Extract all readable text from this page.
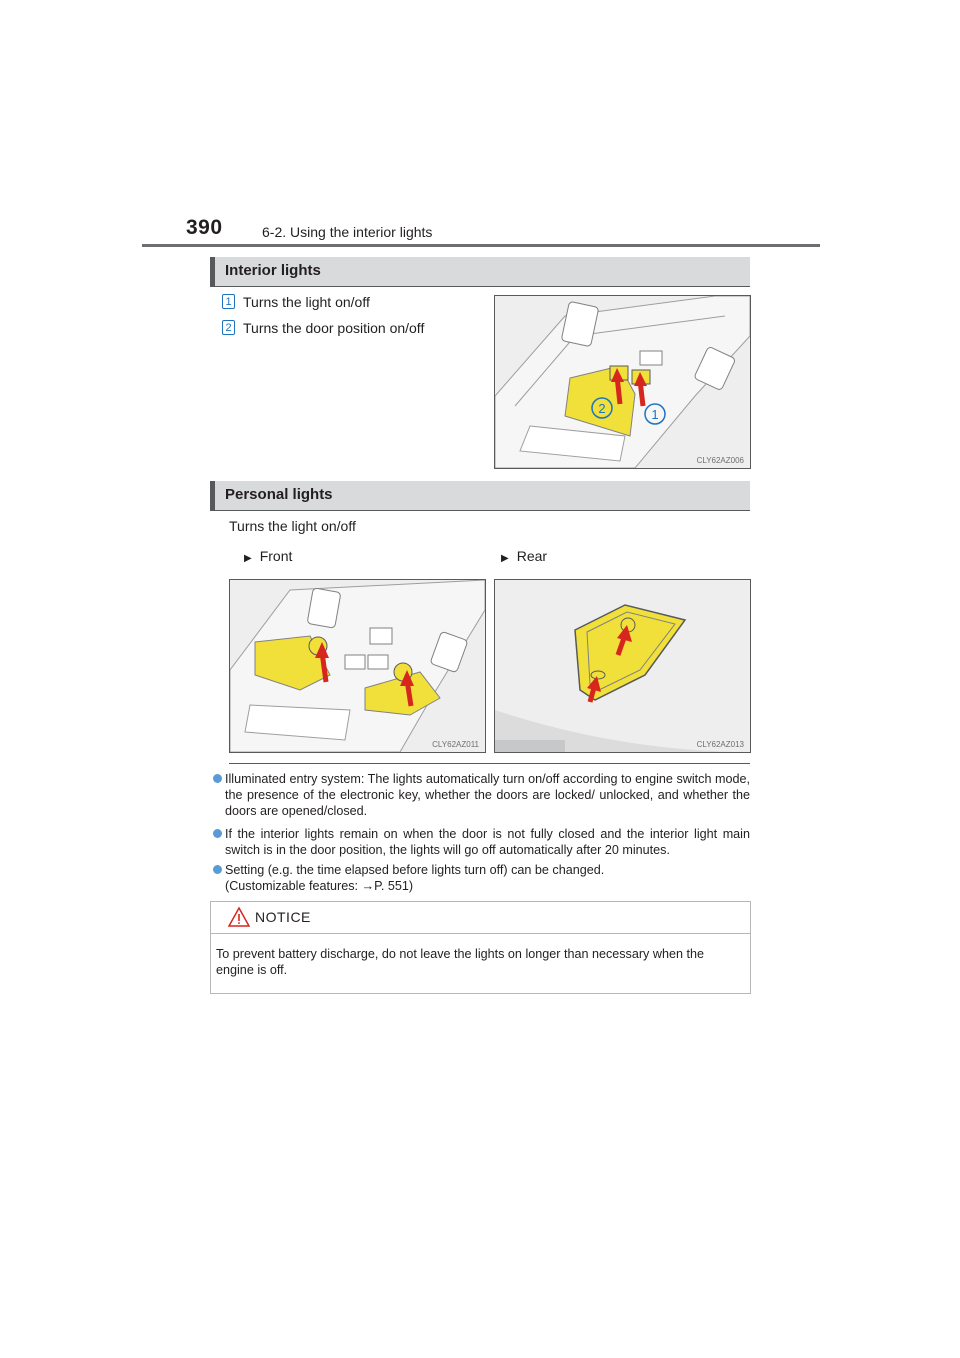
390	6-2. Using the interior lights
Interior lights
1 Turns the light on/off
2 Turns the door position on/off
2	1
CLY62AZ006
Personal lights
Turns the light on/off
▶ Front	▶ Rear
CLY62AZ011	CLY62AZ013
Illuminated entry system: The lights automatically turn on/off according to engine switch mode, the presence of the electronic key, whether the doors are locked/ unlocked, and whether the doors are opened/closed.
If the interior lights remain on when the door is not fully closed and the interior light main switch is in the door position, the lights will go off automatically after 20 minutes.
Setting (e.g. the time elapsed before lights turn off) can be changed. (Customizable features: →P. 551)
NOTICE
To prevent battery discharge, do not leave the lights on longer than necessary when the engine is off.
